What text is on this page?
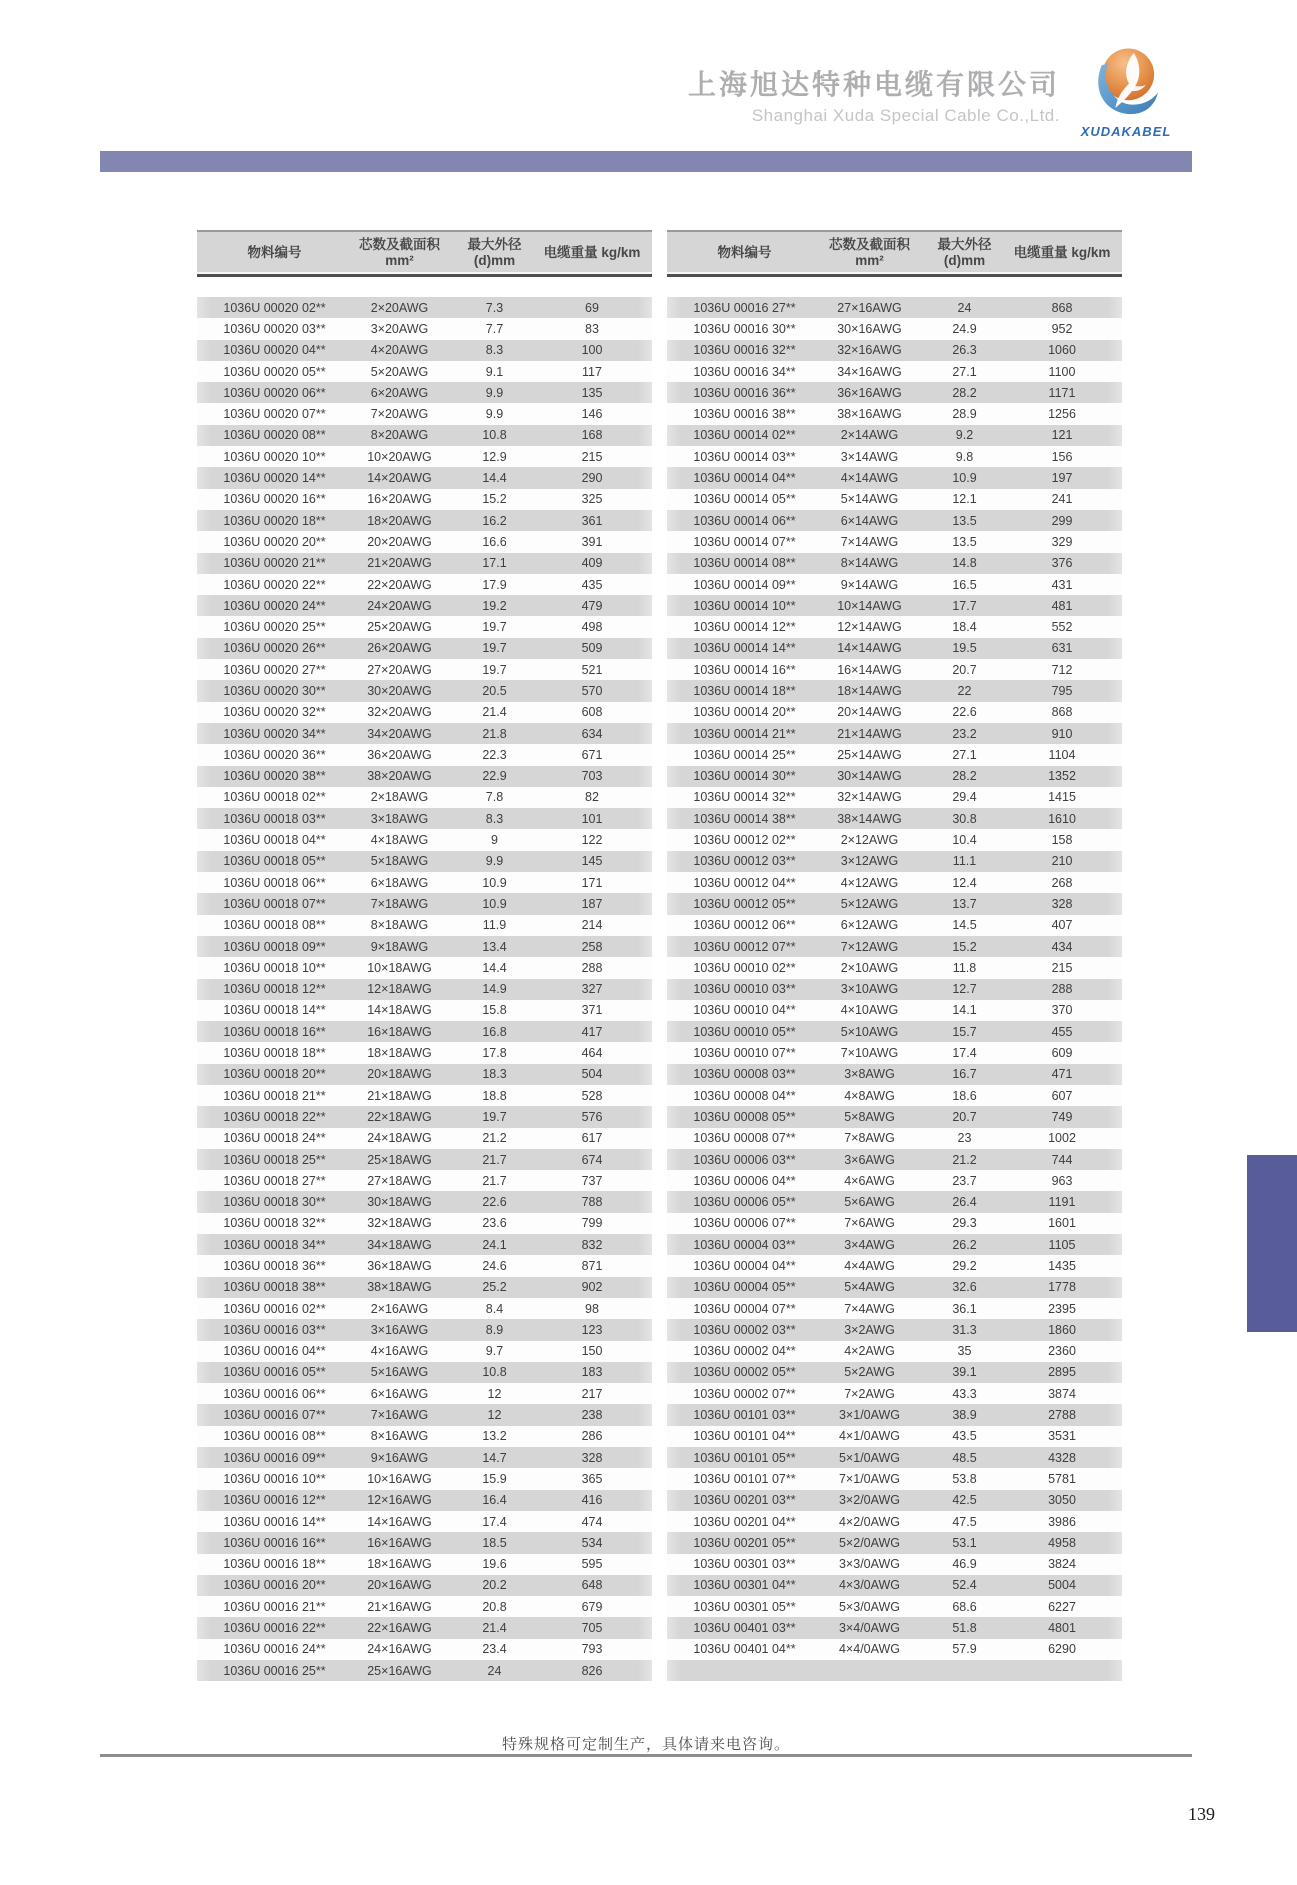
上海旭达特种电缆有限公司
Shanghai Xuda Special Cable Co.,Ltd.
XUDAKABEL
物料编号
芯数及截面积 mm²
最大外径 (d)mm
电缆重量 kg/km
1036U 00020 02**	2×20AWG	7.3	69
1036U 00020 03**	3×20AWG	7.7	83
1036U 00020 04**	4×20AWG	8.3	100
1036U 00020 05**	5×20AWG	9.1	117
1036U 00020 06**	6×20AWG	9.9	135
1036U 00020 07**	7×20AWG	9.9	146
1036U 00020 08**	8×20AWG	10.8	168
1036U 00020 10**	10×20AWG	12.9	215
1036U 00020 14**	14×20AWG	14.4	290
1036U 00020 16**	16×20AWG	15.2	325
1036U 00020 18**	18×20AWG	16.2	361
1036U 00020 20**	20×20AWG	16.6	391
1036U 00020 21**	21×20AWG	17.1	409
1036U 00020 22**	22×20AWG	17.9	435
1036U 00020 24**	24×20AWG	19.2	479
1036U 00020 25**	25×20AWG	19.7	498
1036U 00020 26**	26×20AWG	19.7	509
1036U 00020 27**	27×20AWG	19.7	521
1036U 00020 30**	30×20AWG	20.5	570
1036U 00020 32**	32×20AWG	21.4	608
1036U 00020 34**	34×20AWG	21.8	634
1036U 00020 36**	36×20AWG	22.3	671
1036U 00020 38**	38×20AWG	22.9	703
1036U 00018 02**	2×18AWG	7.8	82
1036U 00018 03**	3×18AWG	8.3	101
1036U 00018 04**	4×18AWG	9	122
1036U 00018 05**	5×18AWG	9.9	145
1036U 00018 06**	6×18AWG	10.9	171
1036U 00018 07**	7×18AWG	10.9	187
1036U 00018 08**	8×18AWG	11.9	214
1036U 00018 09**	9×18AWG	13.4	258
1036U 00018 10**	10×18AWG	14.4	288
1036U 00018 12**	12×18AWG	14.9	327
1036U 00018 14**	14×18AWG	15.8	371
1036U 00018 16**	16×18AWG	16.8	417
1036U 00018 18**	18×18AWG	17.8	464
1036U 00018 20**	20×18AWG	18.3	504
1036U 00018 21**	21×18AWG	18.8	528
1036U 00018 22**	22×18AWG	19.7	576
1036U 00018 24**	24×18AWG	21.2	617
1036U 00018 25**	25×18AWG	21.7	674
1036U 00018 27**	27×18AWG	21.7	737
1036U 00018 30**	30×18AWG	22.6	788
1036U 00018 32**	32×18AWG	23.6	799
1036U 00018 34**	34×18AWG	24.1	832
1036U 00018 36**	36×18AWG	24.6	871
1036U 00018 38**	38×18AWG	25.2	902
1036U 00016 02**	2×16AWG	8.4	98
1036U 00016 03**	3×16AWG	8.9	123
1036U 00016 04**	4×16AWG	9.7	150
1036U 00016 05**	5×16AWG	10.8	183
1036U 00016 06**	6×16AWG	12	217
1036U 00016 07**	7×16AWG	12	238
1036U 00016 08**	8×16AWG	13.2	286
1036U 00016 09**	9×16AWG	14.7	328
1036U 00016 10**	10×16AWG	15.9	365
1036U 00016 12**	12×16AWG	16.4	416
1036U 00016 14**	14×16AWG	17.4	474
1036U 00016 16**	16×16AWG	18.5	534
1036U 00016 18**	18×16AWG	19.6	595
1036U 00016 20**	20×16AWG	20.2	648
1036U 00016 21**	21×16AWG	20.8	679
1036U 00016 22**	22×16AWG	21.4	705
1036U 00016 24**	24×16AWG	23.4	793
1036U 00016 25**	25×16AWG	24	826
物料编号
芯数及截面积 mm²
最大外径 (d)mm
电缆重量 kg/km
1036U 00016 27**	27×16AWG	24	868
1036U 00016 30**	30×16AWG	24.9	952
1036U 00016 32**	32×16AWG	26.3	1060
1036U 00016 34**	34×16AWG	27.1	1100
1036U 00016 36**	36×16AWG	28.2	1171
1036U 00016 38**	38×16AWG	28.9	1256
1036U 00014 02**	2×14AWG	9.2	121
1036U 00014 03**	3×14AWG	9.8	156
1036U 00014 04**	4×14AWG	10.9	197
1036U 00014 05**	5×14AWG	12.1	241
1036U 00014 06**	6×14AWG	13.5	299
1036U 00014 07**	7×14AWG	13.5	329
1036U 00014 08**	8×14AWG	14.8	376
1036U 00014 09**	9×14AWG	16.5	431
1036U 00014 10**	10×14AWG	17.7	481
1036U 00014 12**	12×14AWG	18.4	552
1036U 00014 14**	14×14AWG	19.5	631
1036U 00014 16**	16×14AWG	20.7	712
1036U 00014 18**	18×14AWG	22	795
1036U 00014 20**	20×14AWG	22.6	868
1036U 00014 21**	21×14AWG	23.2	910
1036U 00014 25**	25×14AWG	27.1	1104
1036U 00014 30**	30×14AWG	28.2	1352
1036U 00014 32**	32×14AWG	29.4	1415
1036U 00014 38**	38×14AWG	30.8	1610
1036U 00012 02**	2×12AWG	10.4	158
1036U 00012 03**	3×12AWG	11.1	210
1036U 00012 04**	4×12AWG	12.4	268
1036U 00012 05**	5×12AWG	13.7	328
1036U 00012 06**	6×12AWG	14.5	407
1036U 00012 07**	7×12AWG	15.2	434
1036U 00010 02**	2×10AWG	11.8	215
1036U 00010 03**	3×10AWG	12.7	288
1036U 00010 04**	4×10AWG	14.1	370
1036U 00010 05**	5×10AWG	15.7	455
1036U 00010 07**	7×10AWG	17.4	609
1036U 00008 03**	3×8AWG	16.7	471
1036U 00008 04**	4×8AWG	18.6	607
1036U 00008 05**	5×8AWG	20.7	749
1036U 00008 07**	7×8AWG	23	1002
1036U 00006 03**	3×6AWG	21.2	744
1036U 00006 04**	4×6AWG	23.7	963
1036U 00006 05**	5×6AWG	26.4	1191
1036U 00006 07**	7×6AWG	29.3	1601
1036U 00004 03**	3×4AWG	26.2	1105
1036U 00004 04**	4×4AWG	29.2	1435
1036U 00004 05**	5×4AWG	32.6	1778
1036U 00004 07**	7×4AWG	36.1	2395
1036U 00002 03**	3×2AWG	31.3	1860
1036U 00002 04**	4×2AWG	35	2360
1036U 00002 05**	5×2AWG	39.1	2895
1036U 00002 07**	7×2AWG	43.3	3874
1036U 00101 03**	3×1/0AWG	38.9	2788
1036U 00101 04**	4×1/0AWG	43.5	3531
1036U 00101 05**	5×1/0AWG	48.5	4328
1036U 00101 07**	7×1/0AWG	53.8	5781
1036U 00201 03**	3×2/0AWG	42.5	3050
1036U 00201 04**	4×2/0AWG	47.5	3986
1036U 00201 05**	5×2/0AWG	53.1	4958
1036U 00301 03**	3×3/0AWG	46.9	3824
1036U 00301 04**	4×3/0AWG	52.4	5004
1036U 00301 05**	5×3/0AWG	68.6	6227
1036U 00401 03**	3×4/0AWG	51.8	4801
1036U 00401 04**	4×4/0AWG	57.9	6290
特殊规格可定制生产，具体请来电咨询。
139
